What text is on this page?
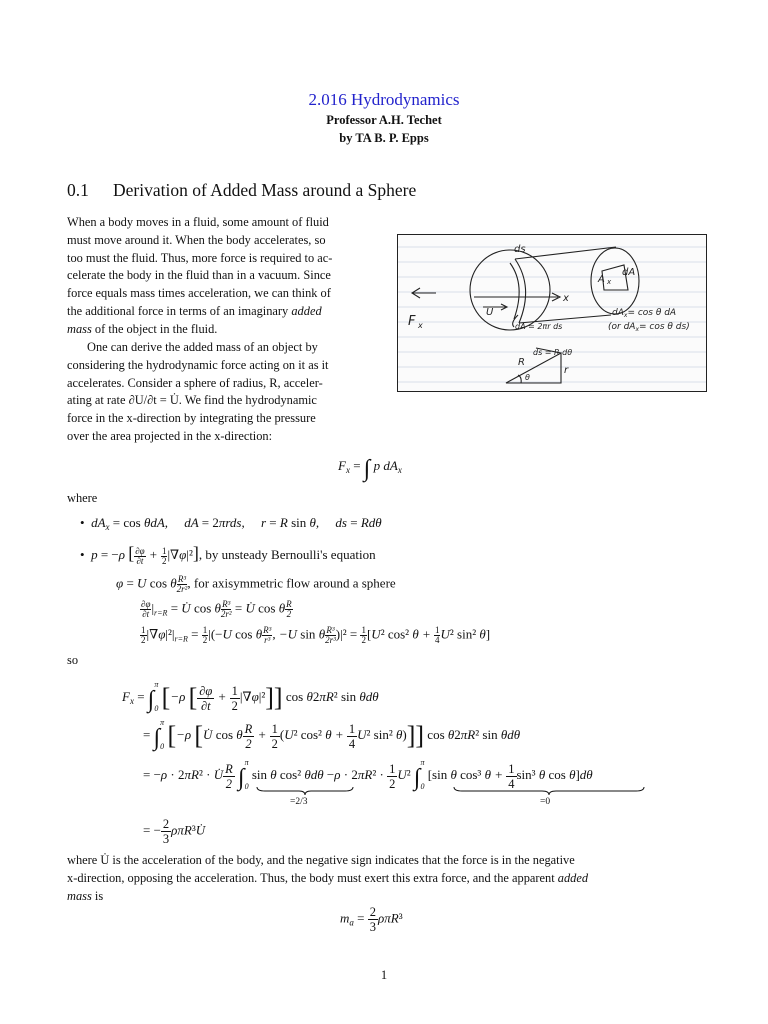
2.016 Hydrodynamics
Professor A.H. Techet
by TA B. P. Epps
0.1 Derivation of Added Mass around a Sphere
When a body moves in a fluid, some amount of fluid
must move around it. When the body accelerates, so
too must the fluid. Thus, more force is required to ac-
celerate the body in the fluid than in a vacuum. Since
force equals mass times acceleration, we can think of
the additional force in terms of an imaginary added
mass of the object in the fluid.
One can derive the added mass of an object by
considering the hydrodynamic force acting on it as it
accelerates. Consider a sphere of radius, R, acceler-
ating at rate ∂U/∂t = U̇. We find the hydrodynamic
force in the x-direction by integrating the pressure
over the area projected in the x-direction:
ds
A x
dA
F x
U
x
dA = 2πr ds
$dA_x= \cos \theta$ dA
(or $dA_x= \cos \theta$ ds)
ds = R dθ
R
r
θ
$F_x$ = ∫ p $dA_x$
where
•  $dA_x = \cos \theta dA$,     dA = 2πrds,     r = R sin θ,     ds = Rdθ
•  p = −ρ [ $\frac{\partial\varphi}{\partial t} + \frac{1}{2} |\nabla\varphi|^2$], by unsteady Bernoulli's equation
φ = U cos θ $\frac{\text{R³}}{\text{2r²}}$ , for axisymmetric flow around a sphere
$\frac{\partial\varphi}{\partial t} |_{r=R}$ = U̇ cos θ $\frac{\text{R³}}{\text{2r²}}$ = U̇ cos θ $\frac{R}{2}$
$\frac{1}{2} |\nabla\varphi|^2|_{r=R} = \frac{1}{2} |(-U$ cos θ $\frac{\text{R³}}{\text{r³}}$ , −U sin θ $\frac{\text{R³}}{\text{2r³}} )|^2 = \frac{1}{2} [U^2$ cos² $\theta + \frac{1}{4} U^2$ sin² θ]
so
$F_x = \int_0^\pi$ [−ρ [ $\frac{\partial\varphi}{\partial t} + \frac{1}{2} |\nabla\varphi|^2$]] cos θ2πR² sin θdθ
= $\int_0^\pi$ [−ρ [U̇ cos θ $\frac{R}{2} + \frac{1}{2} (U^2$ cos² $\theta + \frac{1}{4} U^2$ sin² θ)]] cos θ2πR² sin θdθ
= −ρ · 2πR² · U̇ $\frac{R}{2} \int_0^\pi$ sin θ cos² $\theta d\theta -\rho \cdot 2\pi R^2 \cdot \frac{1}{2} U^2$ $\int_0^\pi$ [sin θ cos³ $\theta + \frac{1}{4} \sin^3$ θ cos θ]dθ
=2/3	=0
= − $\frac{2}{3}$ ρπR³U̇
where U̇ is the acceleration of the body, and the negative sign indicates that the force is in the negative
x-direction, opposing the acceleration. Thus, the body must exert this extra force, and the apparent added
mass is
$m_a = \frac{2}{3} \rho\pi R^3$
1
